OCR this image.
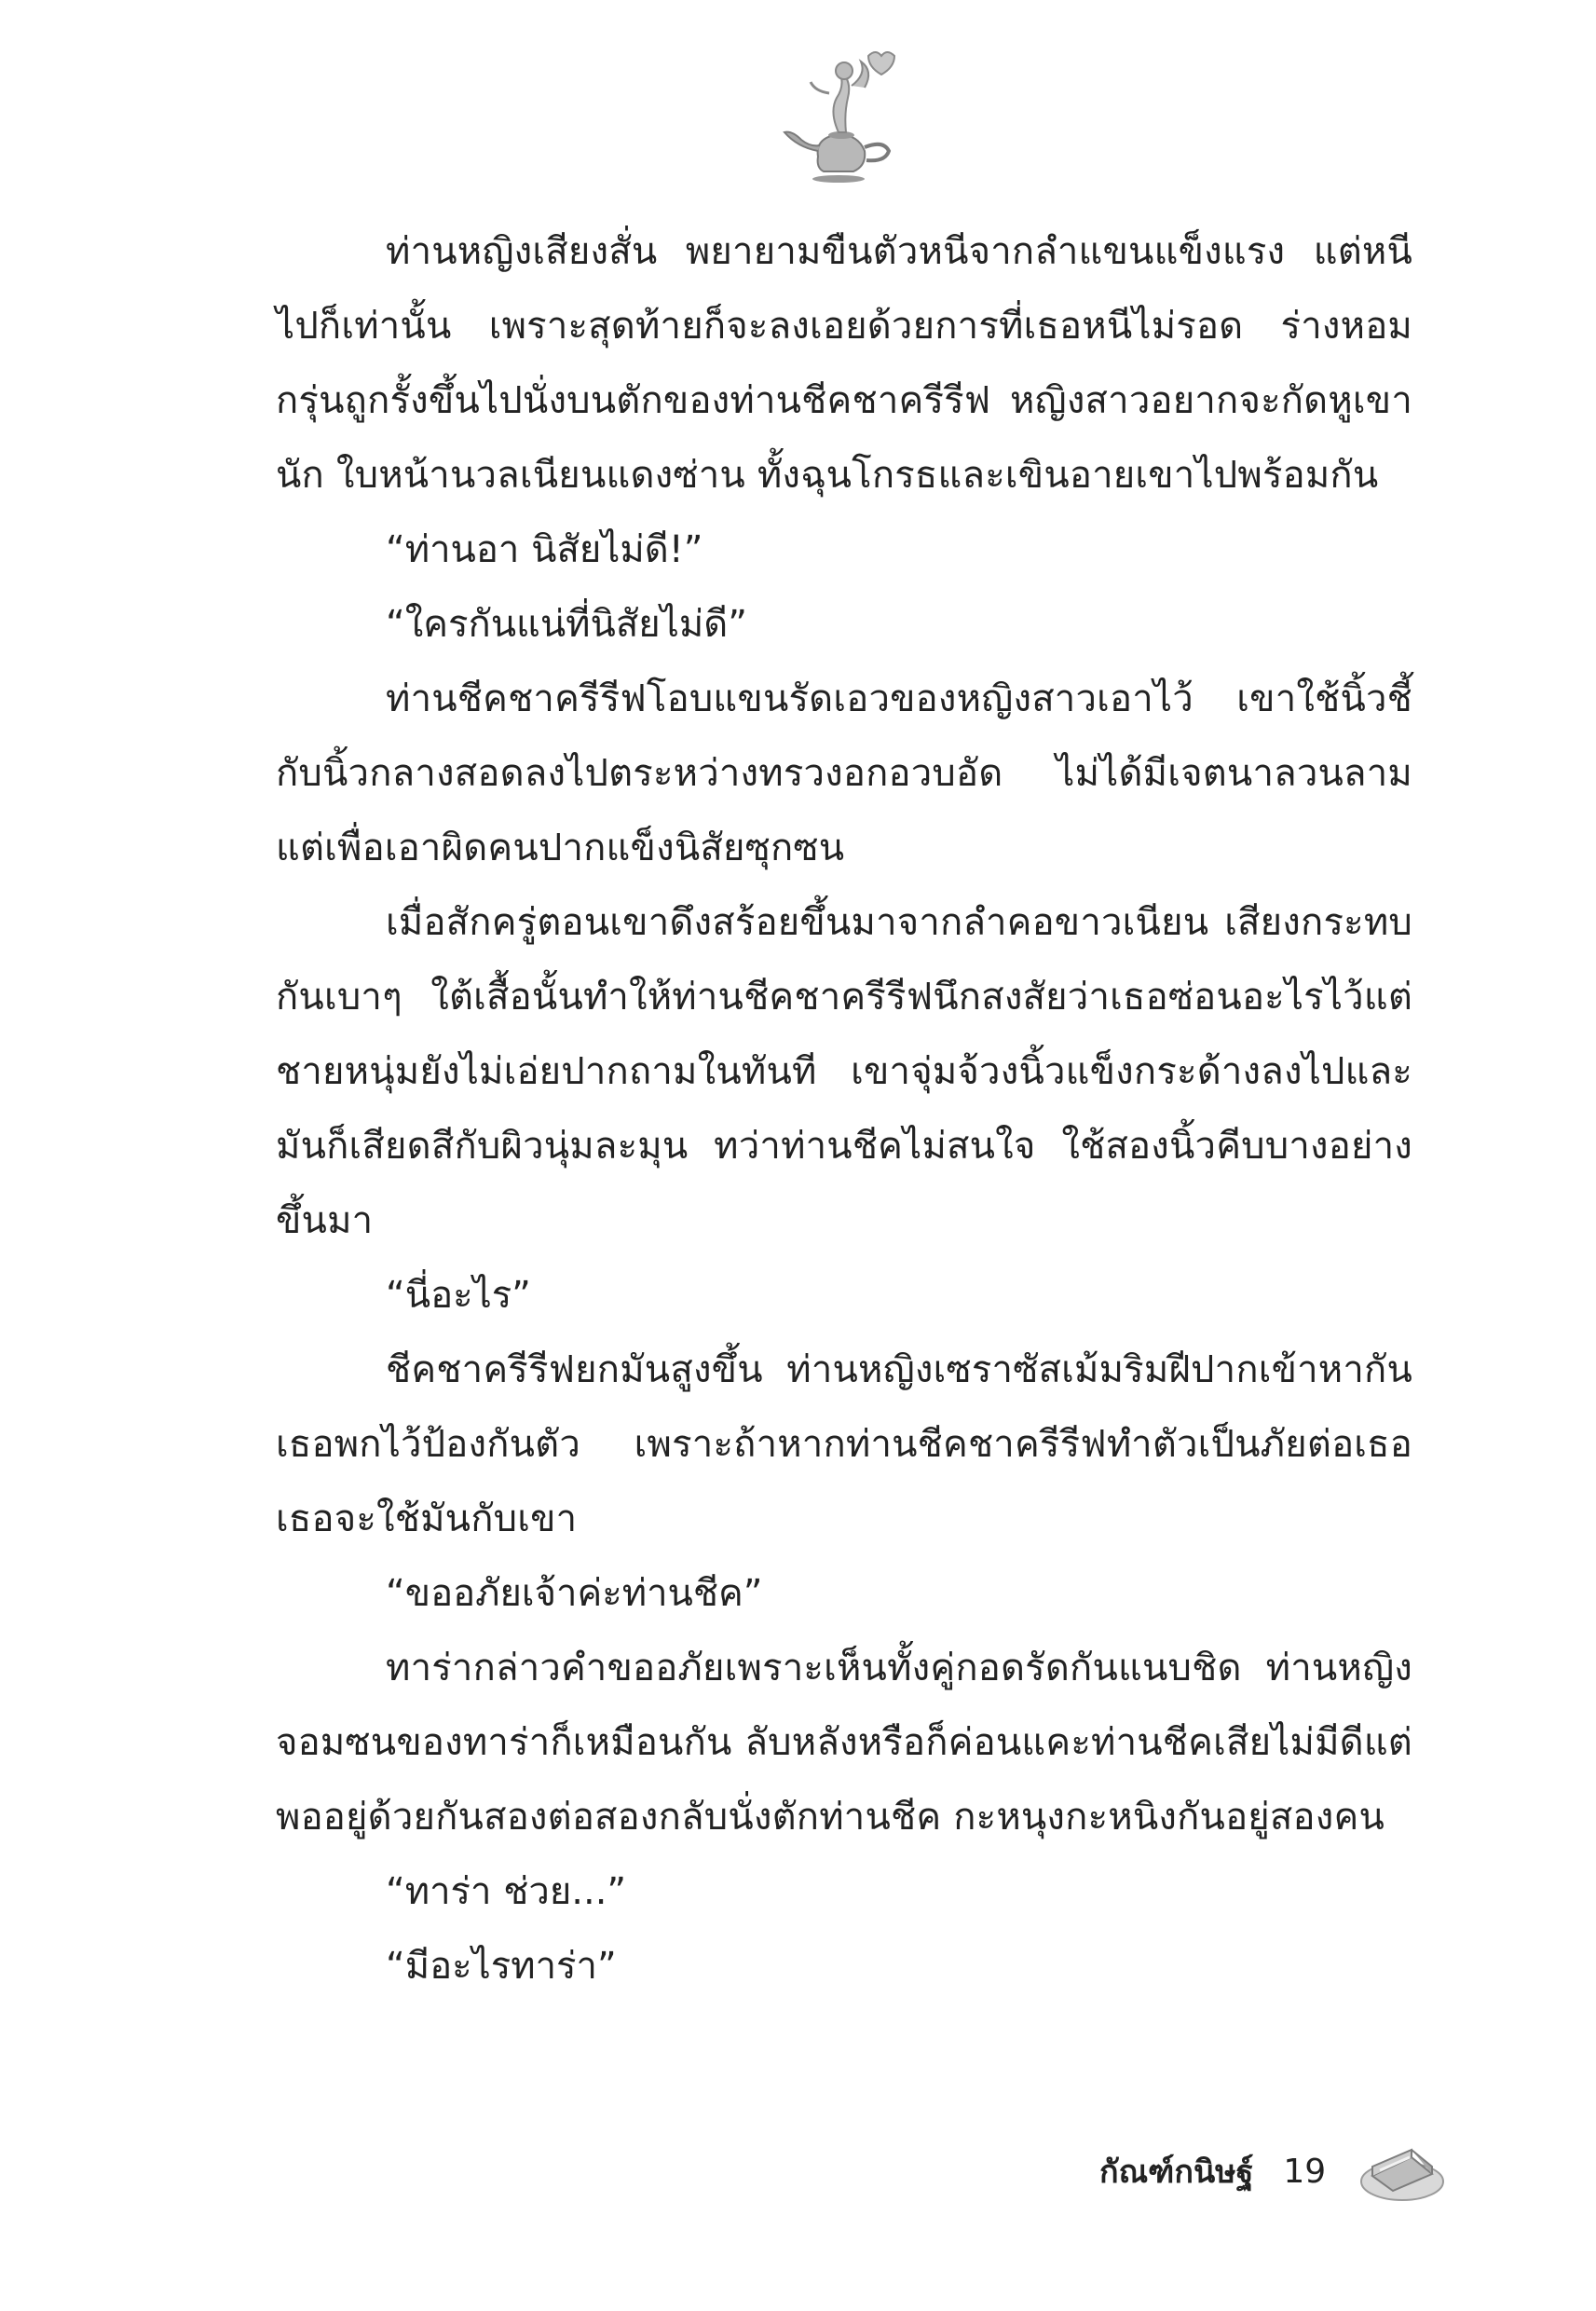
ท่านหญิงเสียงสั่น พยายามขืนตัวหนีจากลำแขนแข็งแรง แต่หนีไปก็เท่านั้น เพราะสุดท้ายก็จะลงเอยด้วยการที่เธอหนีไม่รอด ร่างหอมกรุ่นถูกรั้งขึ้นไปนั่งบนตักของท่านชีคชาครีรีฟ หญิงสาวอยากจะกัดหูเขานัก ใบหน้านวลเนียนแดงซ่าน ทั้งฉุนโกรธและเขินอายเขาไปพร้อมกัน

“ท่านอา นิสัยไม่ดี!”

“ใครกันแน่ที่นิสัยไม่ดี”

ท่านชีคชาครีรีฟโอบแขนรัดเอวของหญิงสาวเอาไว้ เขาใช้นิ้วชี้กับนิ้วกลางสอดลงไปตระหว่างทรวงอกอวบอัด ไม่ได้มีเจตนาลวนลามแต่เพื่อเอาผิดคนปากแข็งนิสัยซุกซน

เมื่อสักครู่ตอนเขาดึงสร้อยขึ้นมาจากลำคอขาวเนียน เสียงกระทบกันเบาๆ ใต้เสื้อนั้นทำให้ท่านชีคชาครีรีฟนึกสงสัยว่าเธอซ่อนอะไรไว้แต่ชายหนุ่มยังไม่เอ่ยปากถามในทันที เขาจุ่มจ้วงนิ้วแข็งกระด้างลงไปและมันก็เสียดสีกับผิวนุ่มละมุน ทว่าท่านชีคไม่สนใจ ใช้สองนิ้วคีบบางอย่างขึ้นมา

“นี่อะไร”

ชีคชาครีรีฟยกมันสูงขึ้น ท่านหญิงเซราซัสเม้มริมฝีปากเข้าหากันเธอพกไว้ป้องกันตัว เพราะถ้าหากท่านชีคชาครีรีฟทำตัวเป็นภัยต่อเธอเธอจะใช้มันกับเขา

“ขออภัยเจ้าค่ะท่านชีค”

ทาร่ากล่าวคำขออภัยเพราะเห็นทั้งคู่กอดรัดกันแนบชิด ท่านหญิงจอมซนของทาร่าก็เหมือนกัน ลับหลังหรือก็ค่อนแคะท่านชีคเสียไม่มีดีแต่พออยู่ด้วยกันสองต่อสองกลับนั่งตักท่านชีค กะหนุงกะหนิงกันอยู่สองคน

“ทาร่า ช่วย...”

“มีอะไรทาร่า”

กัณฑ์กนิษฐ์ 19
